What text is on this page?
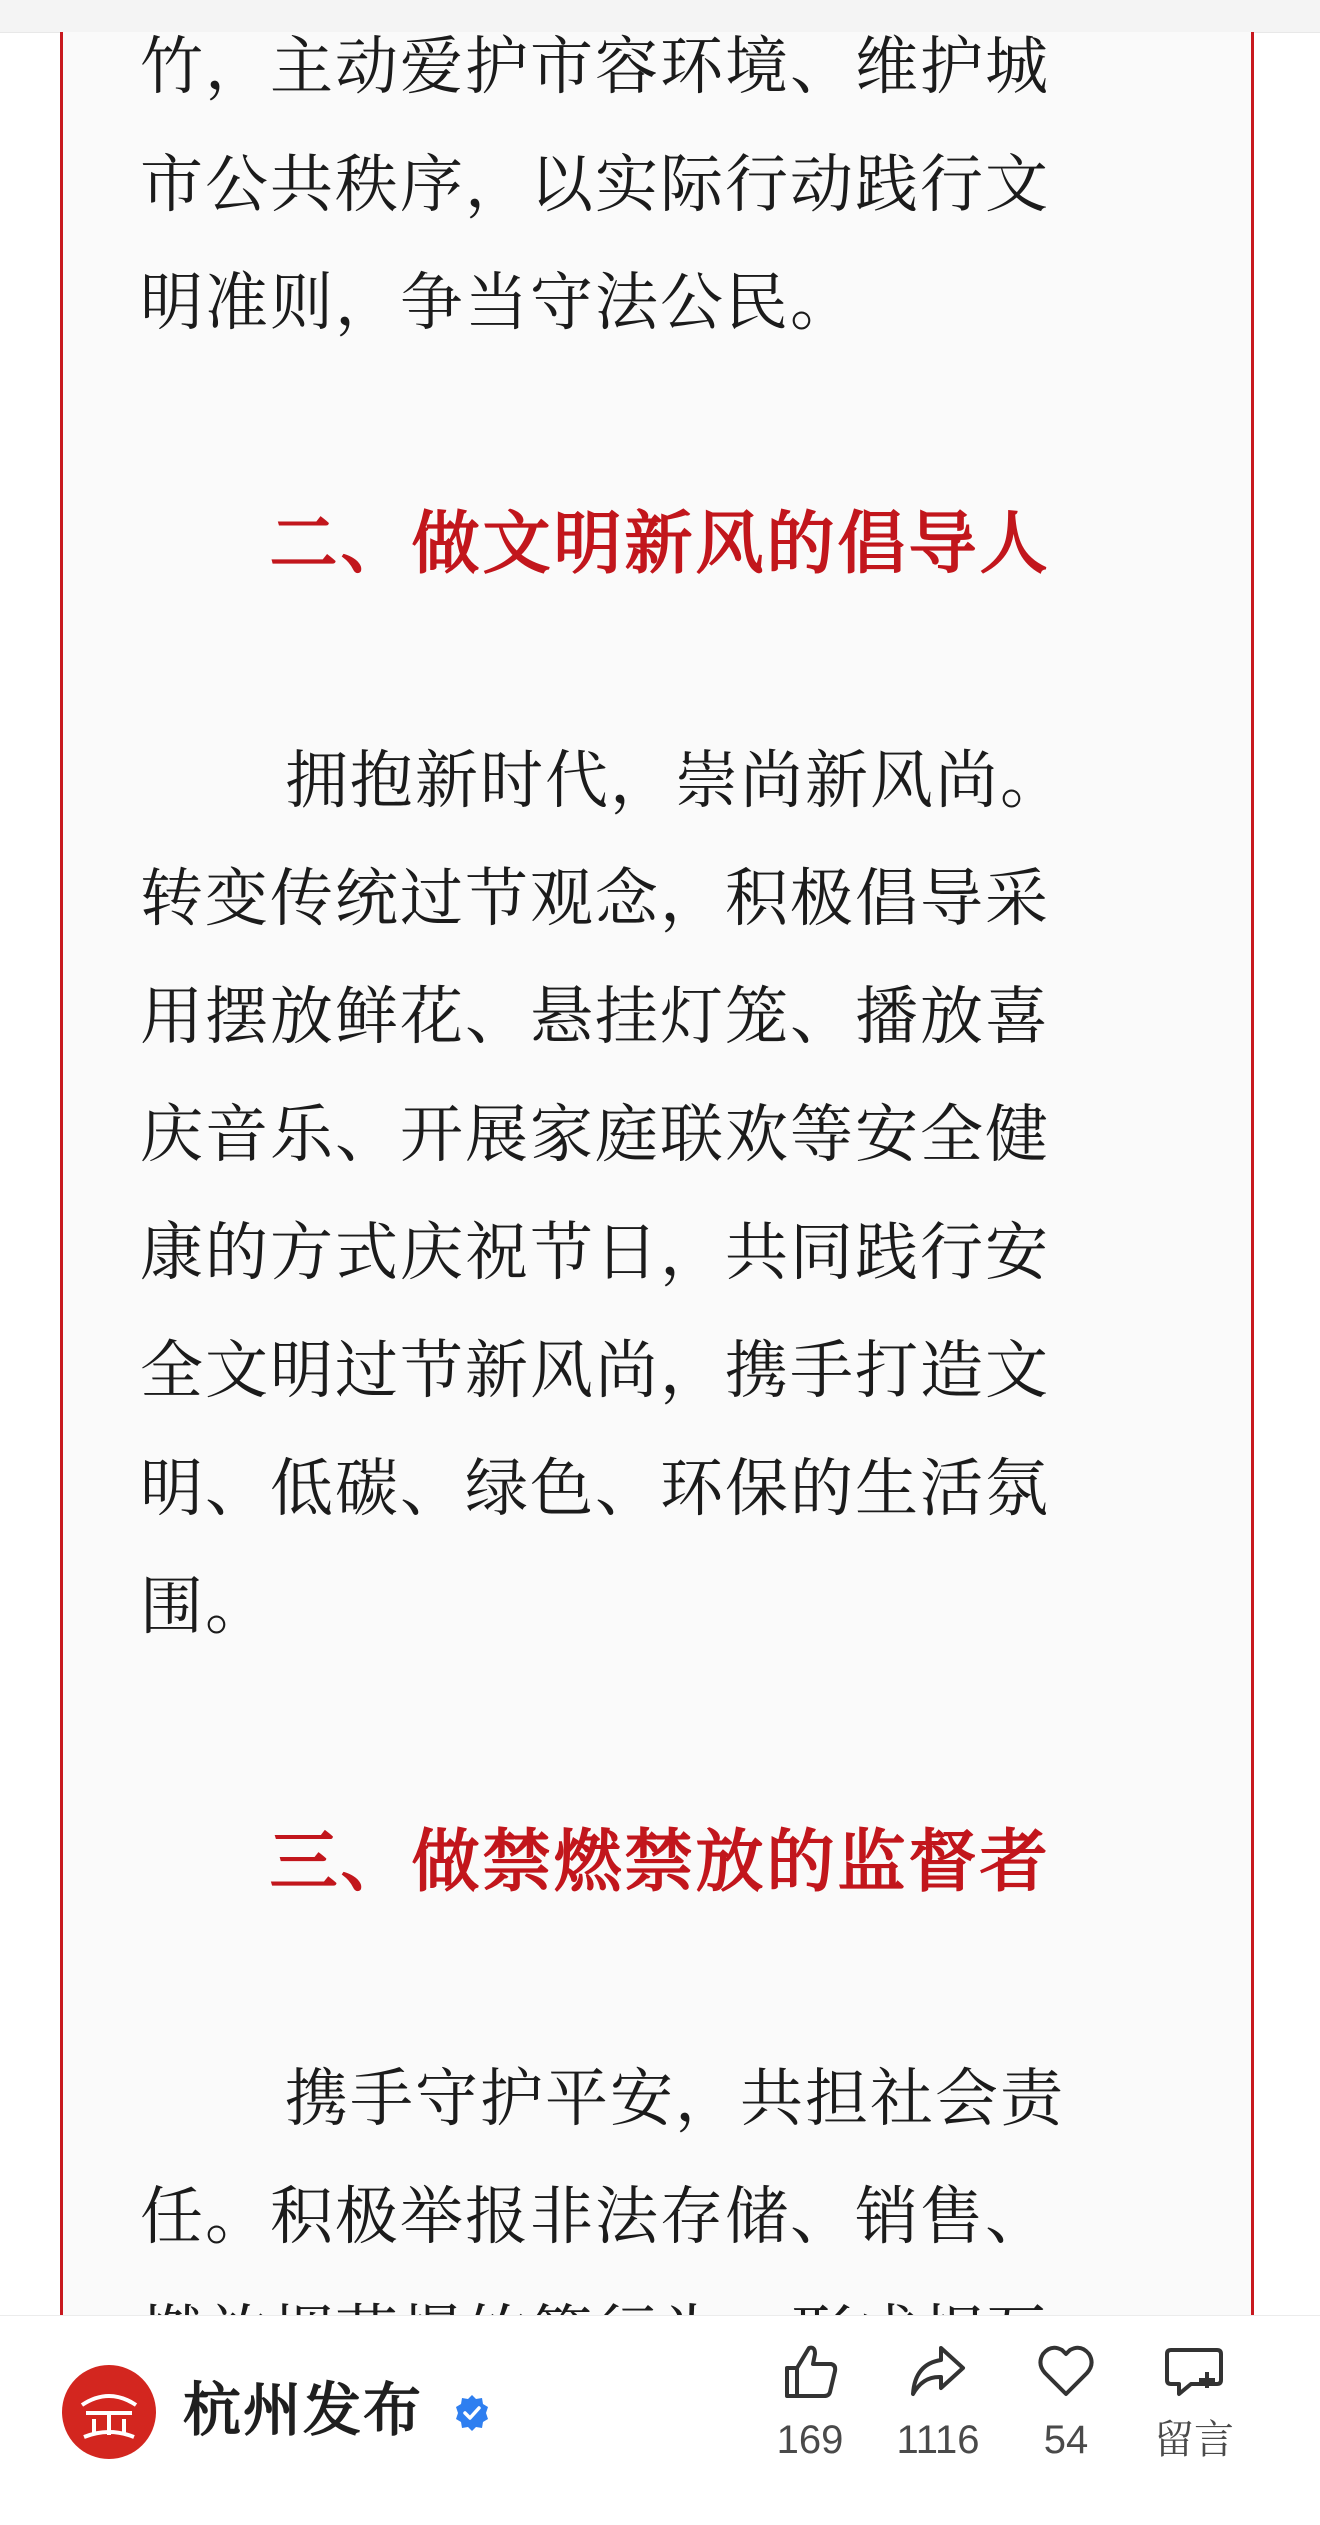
竹，主动爱护市容环境、维护城
市公共秩序，以实际行动践行文
明准则，争当守法公民。
二、做文明新风的倡导人
拥抱新时代，崇尚新风尚。
转变传统过节观念，积极倡导采
用摆放鲜花、悬挂灯笼、播放喜
庆音乐、开展家庭联欢等安全健
康的方式庆祝节日，共同践行安
全文明过节新风尚，携手打造文
明、低碳、绿色、环保的生活氛
围。
三、做禁燃禁放的监督者
携手守护平安，共担社会责
任。积极举报非法存储、销售、
杭州发布	169	1116	54	留言
